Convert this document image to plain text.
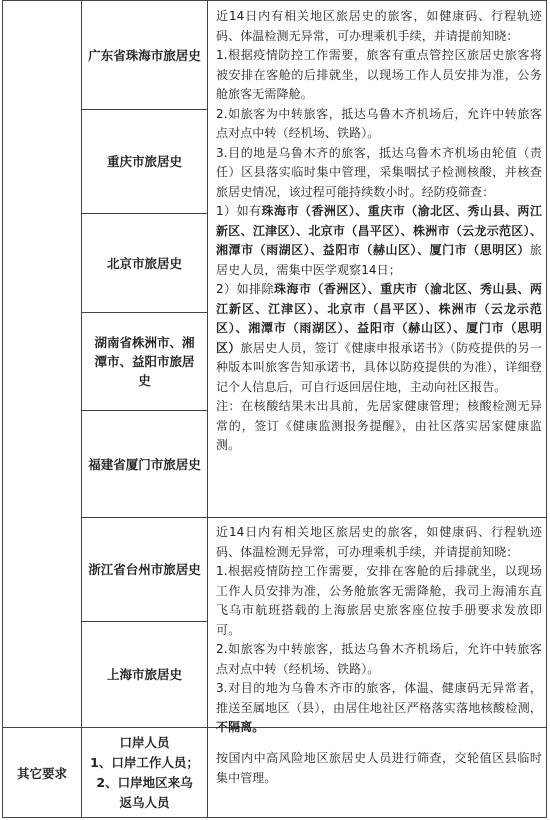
广东省珠海市旅居史
重庆市旅居史
北京市旅居史
湖南省株洲市、湘潭市、益阳市旅居史
福建省厦门市旅居史
浙江省台州市旅居史
上海市旅居史

近14日内有相关地区旅居史的旅客，如健康码、行程轨迹码、体温检测无异常，可办理乘机手续，并请提前知晓：

1.根据疫情防控工作需要，旅客有重点管控区旅居史旅客将被安排在客舱的后排就坐，以现场工作人员安排为准，公务舱旅客无需降舱。

2.如旅客为中转旅客，抵达乌鲁木齐机场后，允许中转旅客点对点中转（经机场、铁路）。

3.目的地是乌鲁木齐的旅客，抵达乌鲁木齐机场由轮值（责任）区县落实临时集中管理，采集咽拭子检测核酸，并核查旅居史情况，该过程可能持续数小时。经防疫筛查：

1）如有珠海市（香洲区）、重庆市（渝北区、秀山县、两江新区、江津区）、北京市（昌平区）、株洲市（云龙示范区）、湘潭市（雨湖区）、益阳市（赫山区）、厦门市（思明区）旅居史人员，需集中医学观察14日；

2）如排除珠海市（香洲区）、重庆市（渝北区、秀山县、两江新区、江津区）、北京市（昌平区）、株洲市（云龙示范区）、湘潭市（雨湖区）、益阳市（赫山区）、厦门市（思明区）旅居史人员，签订《健康申报承诺书》（防疫提供的另一种版本叫旅客告知承诺书，具体以防疫提供的为准），详细登记个人信息后，可自行返回居住地，主动向社区报告。

注：在核酸结果未出具前，先居家健康管理；核酸检测无异常的，签订《健康监测报务提醒》，由社区落实居家健康监测。

近14日内有相关地区旅居史的旅客，如健康码、行程轨迹码、体温检测无异常，可办理乘机手续，并请提前知晓：

1.根据疫情防控工作需要，安排在客舱的后排就坐，以现场工作人员安排为准，公务舱旅客无需降舱，我司上海浦东直飞乌市航班搭载的上海旅居史旅客座位按手册要求发放即可。

2.如旅客为中转旅客，抵达乌鲁木齐机场后，允许中转旅客点对点中转（经机场、铁路）。

3.对目的地为乌鲁木齐市的旅客，体温、健康码无异常者，推送至属地区（县），由居住地社区严格落实落地核酸检测，不隔离。

其它要求
口岸人员
1、口岸工作人员；
2、口岸地区来乌返乌人员
按国内中高风险地区旅居史人员进行筛查，交轮值区县临时集中管理。
